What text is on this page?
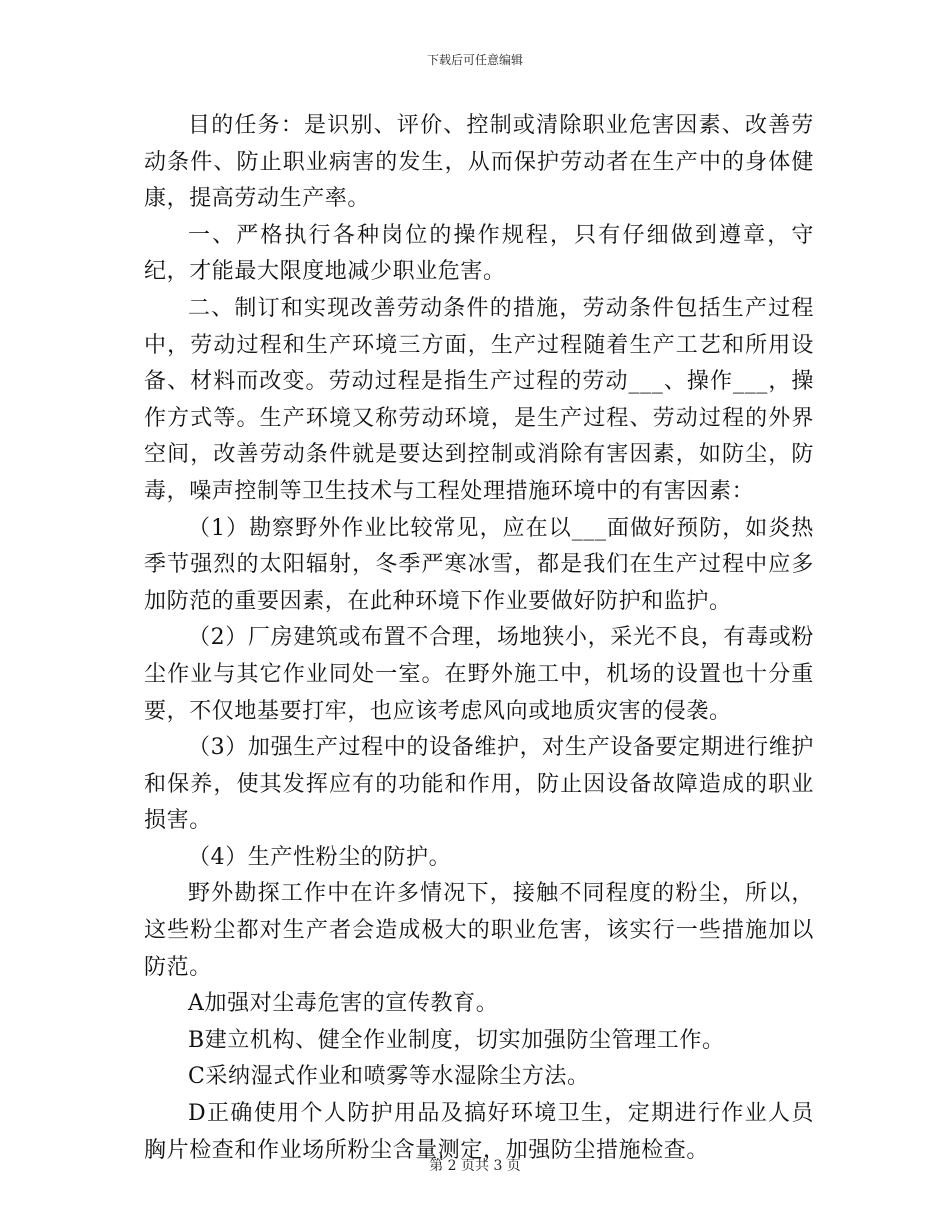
下载后可任意编辑

目的任务：是识别、评价、控制或清除职业危害因素、改善劳动条件、防止职业病害的发生，从而保护劳动者在生产中的身体健康，提高劳动生产率。

一、严格执行各种岗位的操作规程，只有仔细做到遵章，守纪，才能最大限度地减少职业危害。

二、制订和实现改善劳动条件的措施，劳动条件包括生产过程中，劳动过程和生产环境三方面，生产过程随着生产工艺和所用设备、材料而改变。劳动过程是指生产过程的劳动___、操作___，操作方式等。生产环境又称劳动环境，是生产过程、劳动过程的外界空间，改善劳动条件就是要达到控制或消除有害因素，如防尘，防毒，噪声控制等卫生技术与工程处理措施环境中的有害因素：

（1）勘察野外作业比较常见，应在以___面做好预防，如炎热季节强烈的太阳辐射，冬季严寒冰雪，都是我们在生产过程中应多加防范的重要因素，在此种环境下作业要做好防护和监护。

（2）厂房建筑或布置不合理，场地狭小，采光不良，有毒或粉尘作业与其它作业同处一室。在野外施工中，机场的设置也十分重要，不仅地基要打牢，也应该考虑风向或地质灾害的侵袭。

（3）加强生产过程中的设备维护，对生产设备要定期进行维护和保养，使其发挥应有的功能和作用，防止因设备故障造成的职业损害。

（4）生产性粉尘的防护。

野外勘探工作中在许多情况下，接触不同程度的粉尘，所以，这些粉尘都对生产者会造成极大的职业危害，该实行一些措施加以防范。

A加强对尘毒危害的宣传教育。

B建立机构、健全作业制度，切实加强防尘管理工作。

C采纳湿式作业和喷雾等水湿除尘方法。

D正确使用个人防护用品及搞好环境卫生，定期进行作业人员胸片检查和作业场所粉尘含量测定，加强防尘措施检查。

第 2 页共 3 页
